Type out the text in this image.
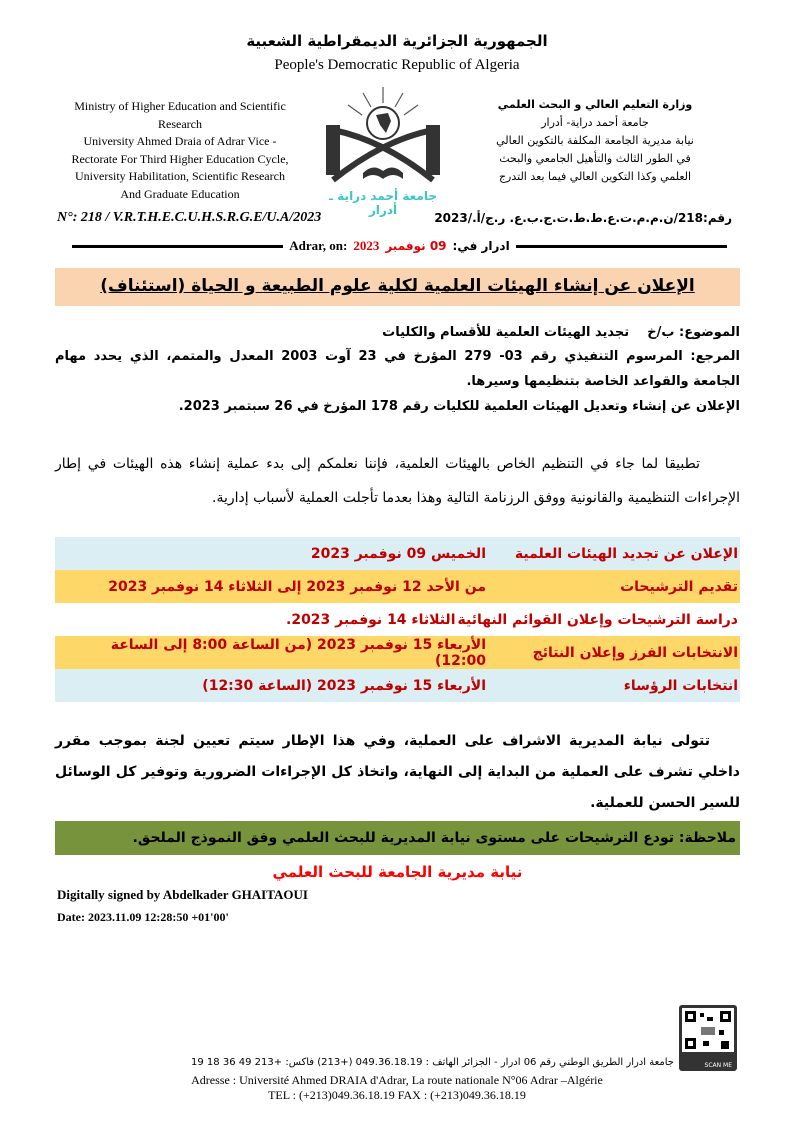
الجمهورية الجزائرية الديمقراطية الشعبية
People's Democratic Republic of Algeria
Ministry of Higher Education and Scientific
Research
University Ahmed Draia of Adrar Vice -
Rectorate For Third Higher Education Cycle,
University Habilitation, Scientific Research
And Graduate Education	جامعة أحمد دراية ـ أدرار
وزارة التعليم العالي و البحث العلمي
جامعة أحمد دراية- أدرار
نيابة مديرية الجامعة المكلفة بالتكوين العالي
في الطور الثالث والتأهيل الجامعي والبحث
العلمي وكذا التكوين العالي فيما بعد التدرج
N°: 218 / V.R.T.H.E.C.U.H.S.R.G.E/U.A/2023	رقم:218/ن.م.م.ت.ع.ط.ط.ت.ج.ب.ع. ر.ج/أ./2023
Adrar, on: 2023 09 نوفمبر ادرار في:
الإعلان عن إنشاء الهيئات العلمية لكلية علوم الطبيعة و الحياة (استئناف)
الموضوع: ب/خ    تجديد الهيئات العلمية للأقسام والكليات
المرجع: المرسوم التنفيذي رقم 03- 279 المؤرخ في 23 آوت 2003 المعدل والمتمم، الذي يحدد مهام الجامعة والقواعد الخاصة بتنظيمها وسيرها.
الإعلان عن إنشاء وتعديل الهيئات العلمية للكليات رقم 178 المؤرخ في 26 سبتمبر 2023.
تطبيقا لما جاء في التنظيم الخاص بالهيئات العلمية، فإننا نعلمكم إلى بدء عملية إنشاء هذه الهيئات في إطار الإجراءات التنظيمية والقانونية ووفق الرزنامة التالية وهذا بعدما تأجلت العملية لأسباب إدارية.
الإعلان عن تجديد الهيئات العلمية
الخميس 09 نوفمبر 2023
تقديم الترشيحات
من الأحد 12 نوفمبر 2023 إلى الثلاثاء 14 نوفمبر 2023
دراسة الترشيحات وإعلان القوائم النهائية
الثلاثاء 14 نوفمبر 2023.
الانتخابات الفرز وإعلان النتائج
الأربعاء 15 نوفمبر 2023 (من الساعة 8:00 إلى الساعة 12:00)
انتخابات الرؤساء
الأربعاء 15 نوفمبر 2023 (الساعة 12:30)
تتولى نيابة المديرية الاشراف على العملية، وفي هذا الإطار سيتم تعيين لجنة بموجب مقرر داخلي تشرف على العملية من البداية إلى النهاية، واتخاذ كل الإجراءات الضرورية وتوفير كل الوسائل للسير الحسن للعملية.
ملاحظة: تودع الترشيحات على مستوى نيابة المديرية للبحث العلمي وفق النموذج الملحق.
نيابة مديرية الجامعة للبحث العلمي
Digitally signed by Abdelkader GHAITAOUI
Date: 2023.11.09 12:28:50 +01'00'
SCAN ME
جامعة ادرار الطريق الوطني رقم 06 ادرار - الجزائر الهاتف : 049.36.18.19 (+213) فاكس: +213 49 36 18 19
Adresse : Université Ahmed DRAIA d'Adrar, La route nationale N°06 Adrar –Algérie
TEL : (+213)049.36.18.19 FAX : (+213)049.36.18.19
